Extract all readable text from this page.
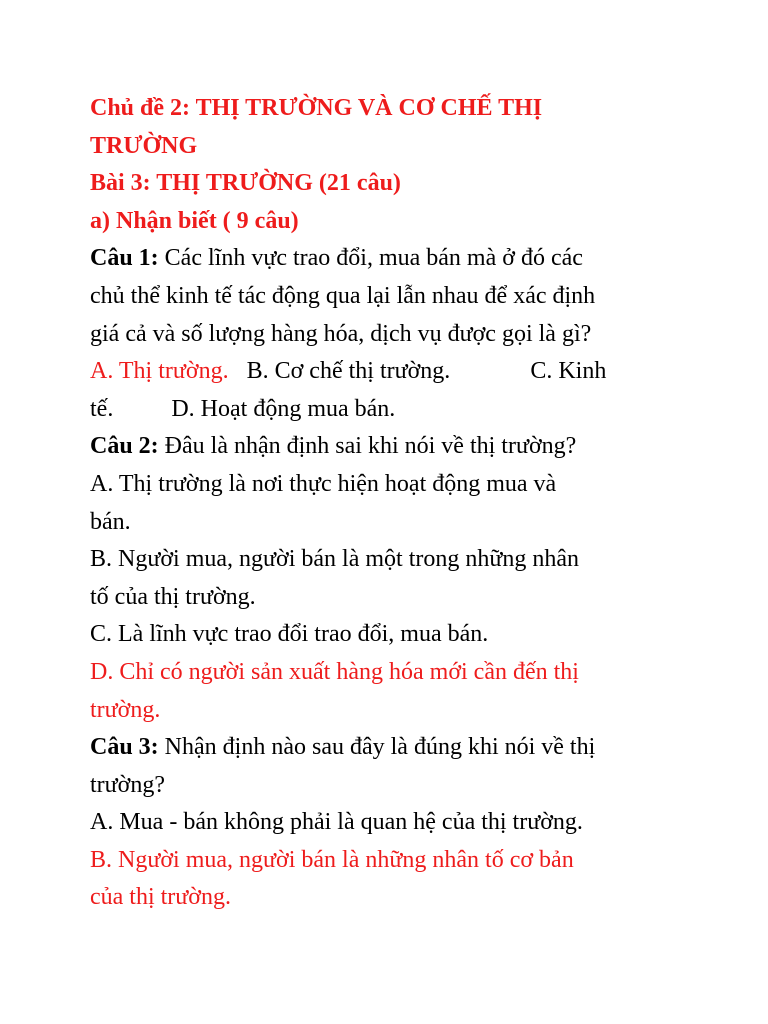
Chủ đề 2: THỊ TRƯỜNG VÀ CƠ CHẾ THỊ
TRƯỜNG
Bài 3: THỊ TRƯỜNG (21 câu)
a) Nhận biết ( 9 câu)
Câu 1: Các lĩnh vực trao đổi, mua bán mà ở đó các
chủ thể kinh tế tác động qua lại lẫn nhau để xác định
giá cả và số lượng hàng hóa, dịch vụ được gọi là gì?
A. Thị trường. B. Cơ chế thị trường.	C. Kinh
tế. D. Hoạt động mua bán.
Câu 2: Đâu là nhận định sai khi nói về thị trường?
A. Thị trường là nơi thực hiện hoạt động mua và
bán.
B. Người mua, người bán là một trong những nhân
tố của thị trường.
C. Là lĩnh vực trao đổi trao đổi, mua bán.
D. Chỉ có người sản xuất hàng hóa mới cần đến thị
trường.
Câu 3: Nhận định nào sau đây là đúng khi nói về thị
trường?
A. Mua - bán không phải là quan hệ của thị trường.
B. Người mua, người bán là những nhân tố cơ bản
của thị trường.
